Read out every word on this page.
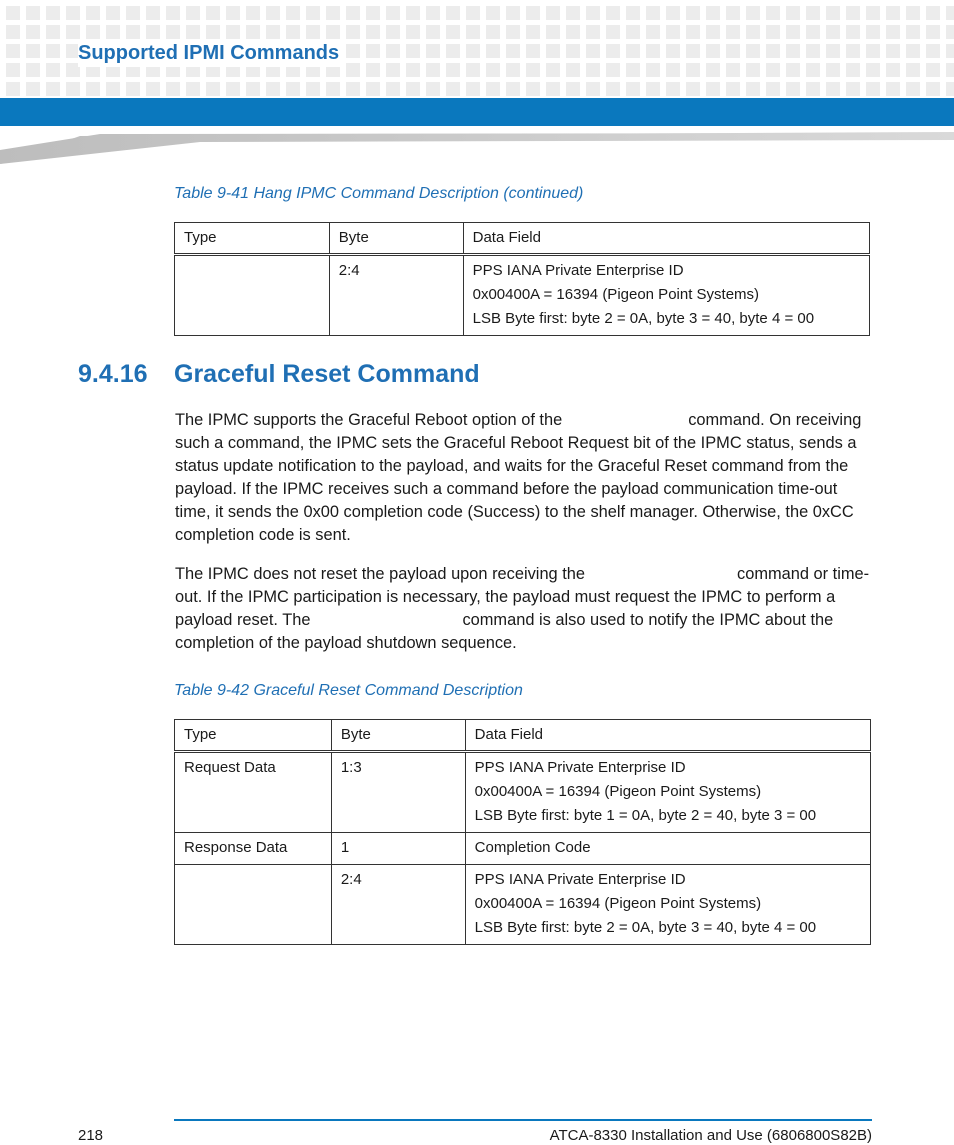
Supported IPMI Commands
Table 9-41 Hang IPMC Command Description (continued)
Type	Byte	Data Field
	2:4	PPS IANA Private Enterprise ID
0x00400A = 16394 (Pigeon Point Systems)
LSB Byte first: byte 2 = 0A, byte 3 = 40, byte 4 = 00
9.4.16 Graceful Reset Command

The IPMC supports the Graceful Reboot option of the	command. On receiving such a command, the IPMC sets the Graceful Reboot Request bit of the IPMC status, sends a status update notification to the payload, and waits for the Graceful Reset command from the payload. If the IPMC receives such a command before the payload communication time-out time, it sends the 0x00 completion code (Success) to the shelf manager. Otherwise, the 0xCC completion code is sent.

The IPMC does not reset the payload upon receiving the	command or time-out. If the IPMC participation is necessary, the payload must request the IPMC to perform a payload reset. The	command is also used to notify the IPMC about the completion of the payload shutdown sequence.

Table 9-42 Graceful Reset Command Description
Type	Byte	Data Field
Request Data	1:3	PPS IANA Private Enterprise ID
0x00400A = 16394 (Pigeon Point Systems)
LSB Byte first: byte 1 = 0A, byte 2 = 40, byte 3 = 00

Response Data	1	Completion Code

	2:4	PPS IANA Private Enterprise ID
0x00400A = 16394 (Pigeon Point Systems)
LSB Byte first: byte 2 = 0A, byte 3 = 40, byte 4 = 00
218	ATCA-8330 Installation and Use (6806800S82B)
